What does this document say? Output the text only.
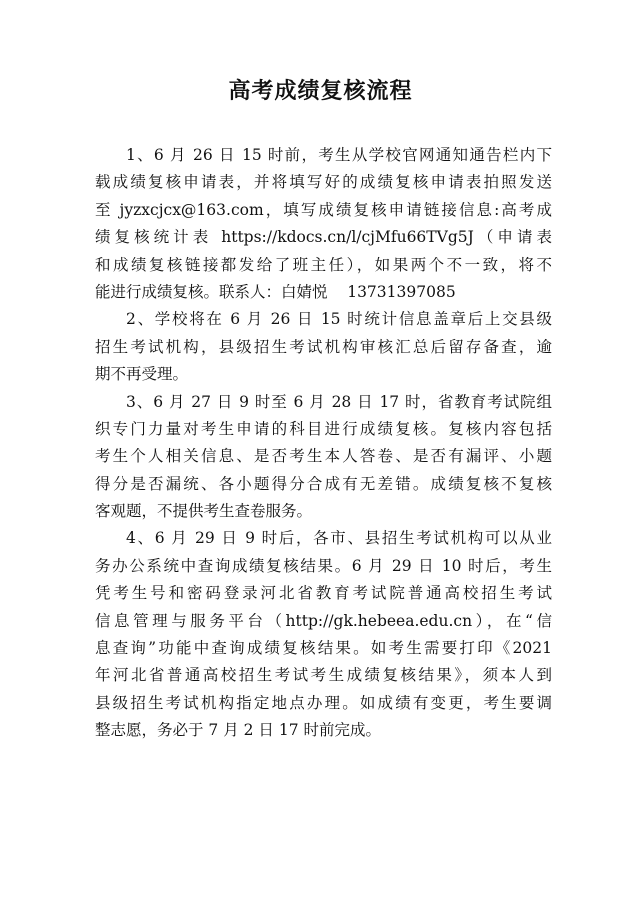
高考成绩复核流程
1、6 月 26 日 15 时前，考生从学校官网通知通告栏内下
载成绩复核申请表，并将填写好的成绩复核申请表拍照发送
至 jyzxcjcx@163.com，填写成绩复核申请链接信息:高考成
绩复核统计表 https://kdocs.cn/l/cjMfu66TVg5J（申请表
和成绩复核链接都发给了班主任），如果两个不一致，将不
能进行成绩复核。联系人：白婧悦    13731397085
2、学校将在 6 月 26 日 15 时统计信息盖章后上交县级
招生考试机构，县级招生考试机构审核汇总后留存备查，逾
期不再受理。
3、6 月 27 日 9 时至 6 月 28 日 17 时，省教育考试院组
织专门力量对考生申请的科目进行成绩复核。复核内容包括
考生个人相关信息、是否考生本人答卷、是否有漏评、小题
得分是否漏统、各小题得分合成有无差错。成绩复核不复核
客观题，不提供考生查卷服务。
4、6 月 29 日 9 时后，各市、县招生考试机构可以从业
务办公系统中查询成绩复核结果。6 月 29 日 10 时后，考生
凭考生号和密码登录河北省教育考试院普通高校招生考试
信息管理与服务平台（http://gk.hebeea.edu.cn），在“信
息查询”功能中查询成绩复核结果。如考生需要打印《2021
年河北省普通高校招生考试考生成绩复核结果》，须本人到
县级招生考试机构指定地点办理。如成绩有变更，考生要调
整志愿，务必于 7 月 2 日 17 时前完成。
